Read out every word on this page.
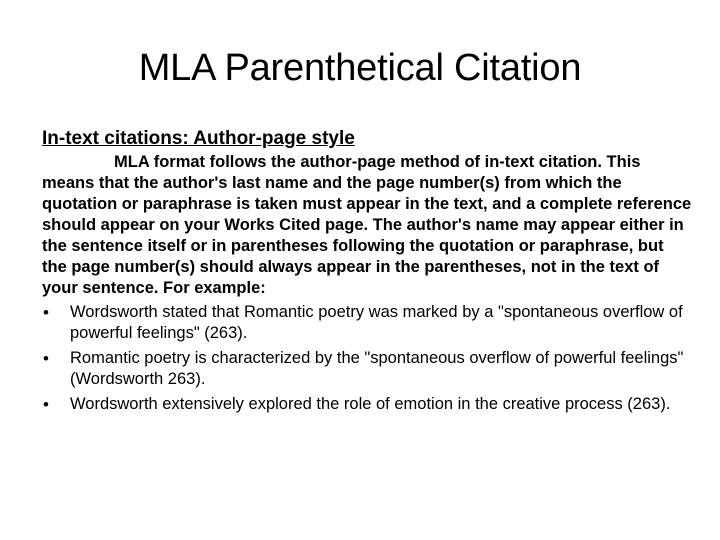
MLA Parenthetical Citation

In-text citations: Author-page style

MLA format follows the author-page method of in-text citation. This means that the author's last name and the page number(s) from which the quotation or paraphrase is taken must appear in the text, and a complete reference should appear on your Works Cited page. The author's name may appear either in the sentence itself or in parentheses following the quotation or paraphrase, but the page number(s) should always appear in the parentheses, not in the text of your sentence. For example:

•	Wordsworth stated that Romantic poetry was marked by a "spontaneous overflow of powerful feelings" (263).
•	Romantic poetry is characterized by the "spontaneous overflow of powerful feelings" (Wordsworth 263).
•	Wordsworth extensively explored the role of emotion in the creative process (263).
